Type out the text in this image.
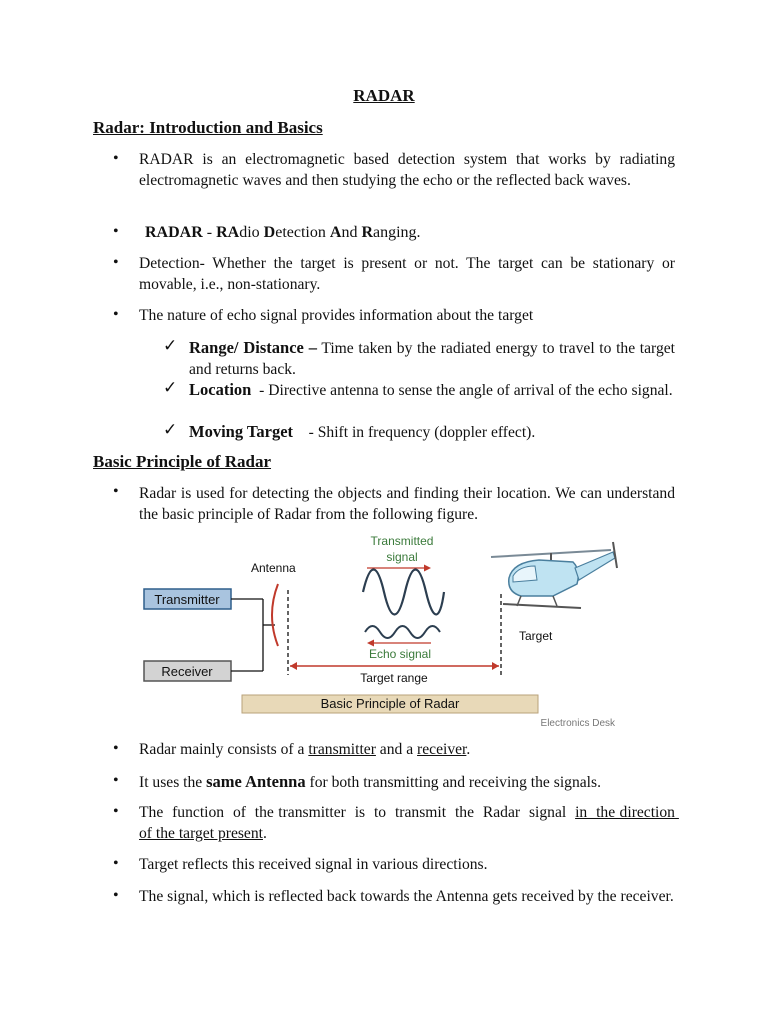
RADAR
Radar: Introduction and Basics
• RADAR is an electromagnetic based detection system that works by radiating electromagnetic waves and then studying the echo or the reflected back waves.
• RADAR - RAdio Detection And Ranging.
• Detection- Whether the target is present or not. The target can be stationary or movable, i.e., non-stationary.
• The nature of echo signal provides information about the target
✓ Range/ Distance – Time taken by the radiated energy to travel to the target and returns back.
✓ Location  - Directive antenna to sense the angle of arrival of the echo signal.
✓ Moving Target    - Shift in frequency (doppler effect).
Basic Principle of Radar
• Radar is used for detecting the objects and finding their location. We can understand the basic principle of Radar from the following figure.
Transmitter
Receiver
Antenna
Target range
Transmitted
signal
Echo signal
Target
Basic Principle of Radar
Electronics Desk
• Radar mainly consists of a transmitter and a receiver.
• It uses the same Antenna for both transmitting and receiving the signals.
• The  function  of  the transmitter  is  to  transmit  the  Radar  signal  in  the direction of the target present.
• Target reflects this received signal in various directions.
• The signal, which is reflected back towards the Antenna gets received by the receiver.
